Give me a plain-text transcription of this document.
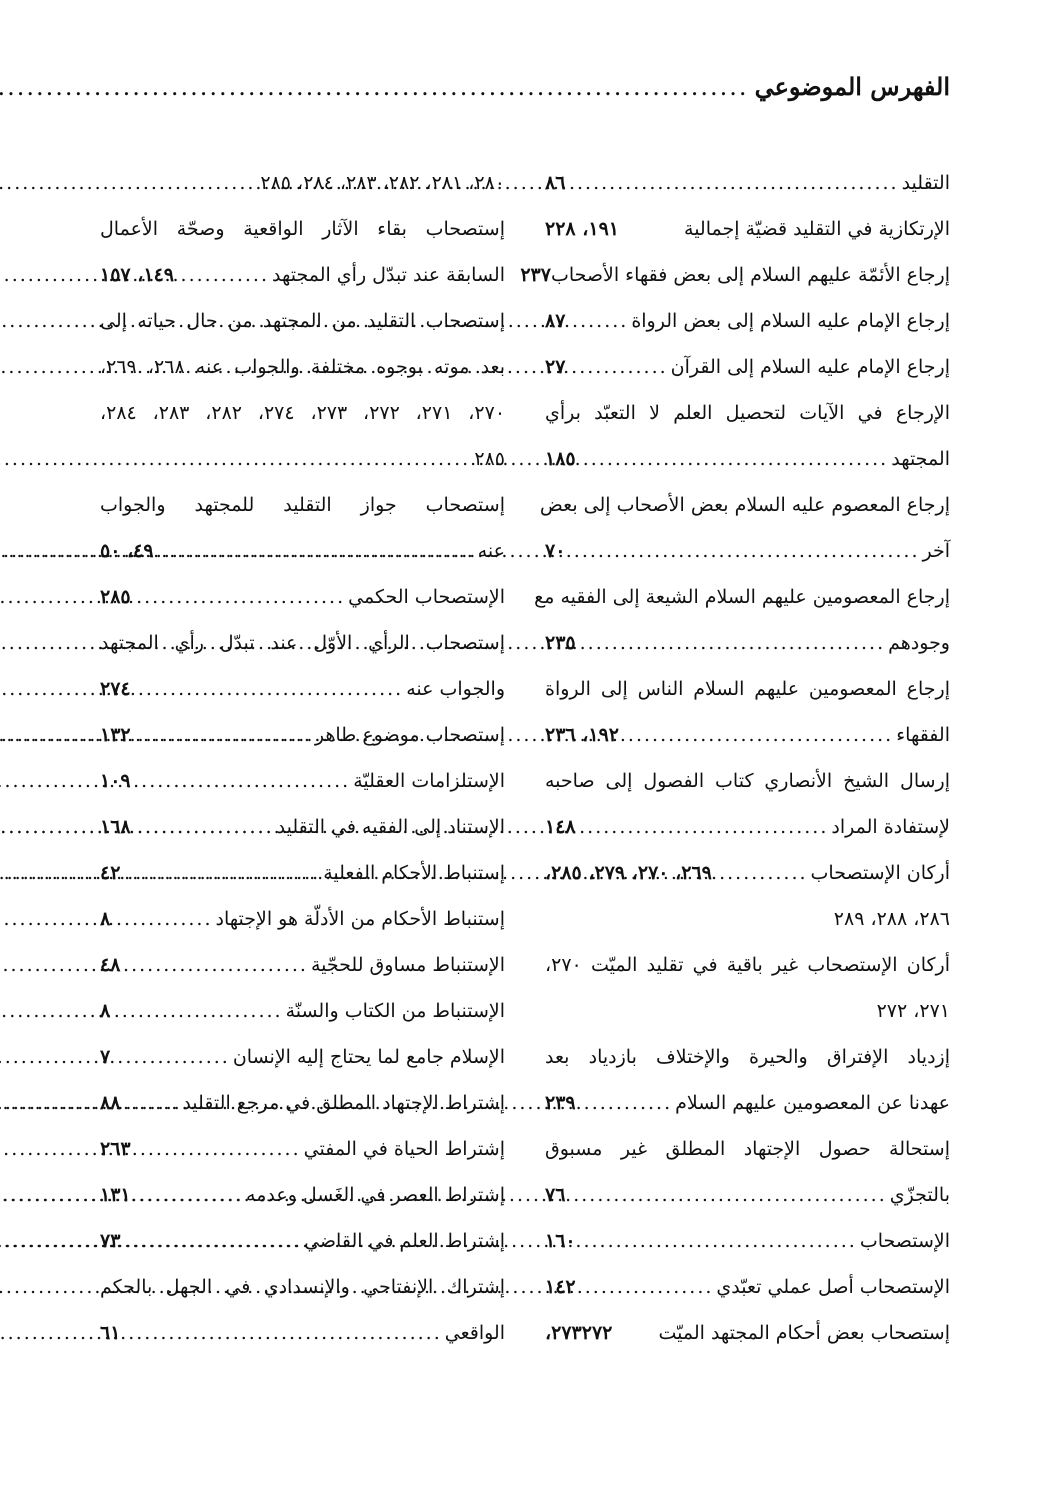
الفهرس الموضوعي
.....
التقليد
.....
٨٦
الإرتكازية في التقليد قضيّة إجمالية
١٩١، ٢٢٨
إرجاع الأئمّة عليهم السلام إلى بعض فقهاء الأصحاب
٢٣٧
إرجاع الإمام عليه السلام إلى بعض الرواة
.....
٨٧
إرجاع الإمام عليه السلام إلى القرآن
.....
٢٧
الإرجاع في الآيات لتحصيل العلم لا التعبّد برأي
المجتهد
.....
١٨٥
إرجاع المعصوم عليه السلام بعض الأصحاب إلى بعض
آخر
.....
٧٠
إرجاع المعصومين عليهم السلام الشيعة إلى الفقيه مع
وجودهم
.....
٢٣٥
إرجاع المعصومين عليهم السلام الناس إلى الرواة
الفقهاء
.....
١٩٢، ٢٣٦
إرسال الشيخ الأنصاري كتاب الفصول إلى صاحبه
لإستفادة المراد
.....
١٤٨
أركان الإستصحاب
.....
٢٦٩، ٢٧٠، ٢٧٩، ٢٨٥،
٢٨٦، ٢٨٨، ٢٨٩
أركان الإستصحاب غير باقية في تقليد الميّت ٢٧٠،
٢٧١، ٢٧٢
إزدياد الإفتراق والحيرة والإختلاف بازدياد بعد
عهدنا عن المعصومين عليهم السلام
.....
٢٣٩
إستحالة حصول الإجتهاد المطلق غير مسبوق
بالتجزّي
.....
٧٦
الإستصحاب
.....
١٦٠
الإستصحاب أصل عملي تعبّدي
.....
١٤٢
إستصحاب بعض أحكام المجتهد الميّت
٢٧٣٢٧٢،
٢٨٠، ٢٨١، ٢٨٢، ٢٨٣، ٢٨٤، ٢٨٥
إستصحاب بقاء الآثار الواقعية وصحّة الأعمال
السابقة عند تبدّل رأي المجتهد
.....
١٤٩، ١٥٧
إستصحاب التقليد من المجتهد من حال حياته إلى
بعد موته بوجوه مختلفة والجواب عنه ٢٦٨، ٢٦٩،
٢٧٠، ٢٧١، ٢٧٢، ٢٧٣، ٢٧٤، ٢٨٢، ٢٨٣، ٢٨٤،
٢٨٥
إستصحاب جواز التقليد للمجتهد والجواب
عنه
.....
٤٩، ٥٠
الإستصحاب الحكمي
.....
٢٨٥
إستصحاب الرأي الأوّل عند تبدّل رأي المجتهد
والجواب عنه
.....
٢٧٤
إستصحاب موضوع طاهر
.....
١٣٢
الإستلزامات العقليّة
.....
١٠٩
الإستناد إلى الفقيه في التقليد
.....
١٦٨
إستنباط الأحكام الفعلية
.....
٤٢
إستنباط الأحكام من الأدلّة هو الإجتهاد
.....
٨
الإستنباط مساوق للحجّية
.....
٤٨
الإستنباط من الكتاب والسنّة
.....
٨
الإسلام جامع لما يحتاج إليه الإنسان
.....
٧
إشتراط الإجتهاد المطلق في مرجع التقليد
.....
٨٨
إشتراط الحياة في المفتي
.....
٢٦٣
إشتراط العصر في الغَسل وعدمه
.....
١٣١
إشتراط العلم في القاضي
.....
٧٣
إشتراك الإنفتاحي والإنسدادي في الجهل بالحكم
الواقعي
.....
٦١
